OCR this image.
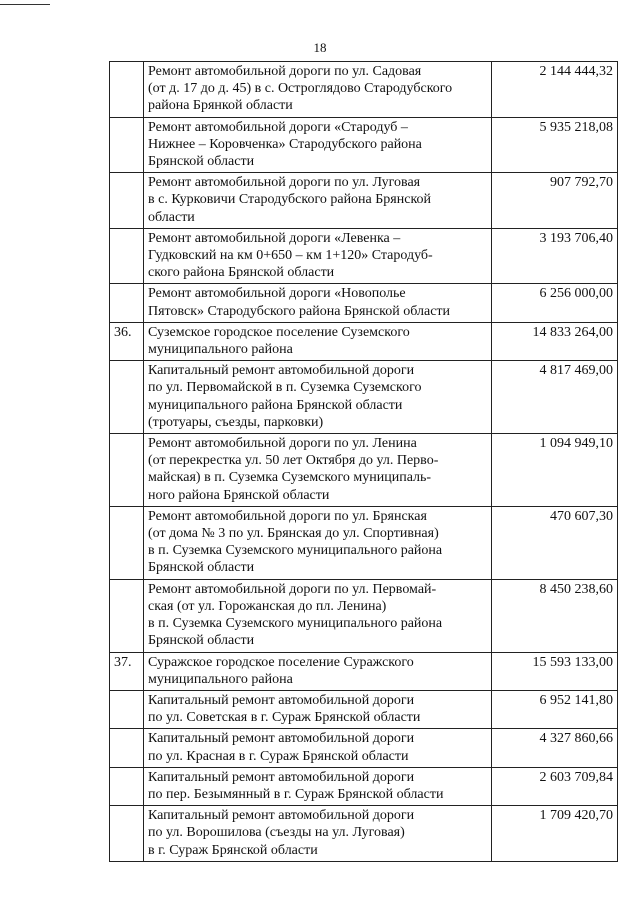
18

	Ремонт автомобильной дороги по ул. Садовая
(от д. 17 до д. 45) в с. Остроглядово Стародубского
района Брянкой области	2 144 444,32

	Ремонт автомобильной дороги «Стародуб –
Нижнее – Коровченка» Стародубского района
Брянской области	5 935 218,08

	Ремонт автомобильной дороги по ул. Луговая
в с. Курковичи Стародубского района Брянской
области	907 792,70

	Ремонт автомобильной дороги «Левенка –
Гудковский на км 0+650 – км 1+120» Стародуб-
ского района Брянской области	3 193 706,40

	Ремонт автомобильной дороги «Новополье
Пятовск» Стародубского района Брянской области	6 256 000,00
36.	Суземское городское поселение Суземского
муниципального района	14 833 264,00

	Капитальный ремонт автомобильной дороги
по ул. Первомайской в п. Суземка Суземского
муниципального района Брянской области
(тротуары, съезды, парковки)	4 817 469,00

	Ремонт автомобильной дороги по ул. Ленина
(от перекрестка ул. 50 лет Октября до ул. Перво-
майская) в п. Суземка Суземского муниципаль-
ного района Брянской области	1 094 949,10

	Ремонт автомобильной дороги по ул. Брянская
(от дома № 3 по ул. Брянская до ул. Спортивная)
в п. Суземка Суземского муниципального района
Брянской области	470 607,30

	Ремонт автомобильной дороги по ул. Первомай-
ская (от ул. Горожанская до пл. Ленина)
в п. Суземка Суземского муниципального района
Брянской области	8 450 238,60
37.	Суражское городское поселение Суражского
муниципального района	15 593 133,00

	Капитальный ремонт автомобильной дороги
по ул. Советская в г. Сураж Брянской области	6 952 141,80

	Капитальный ремонт автомобильной дороги
по ул. Красная в г. Сураж Брянской области	4 327 860,66

	Капитальный ремонт автомобильной дороги
по пер. Безымянный в г. Сураж Брянской области	2 603 709,84

	Капитальный ремонт автомобильной дороги
по ул. Ворошилова (съезды на ул. Луговая)
в г. Сураж Брянской области	1 709 420,70
